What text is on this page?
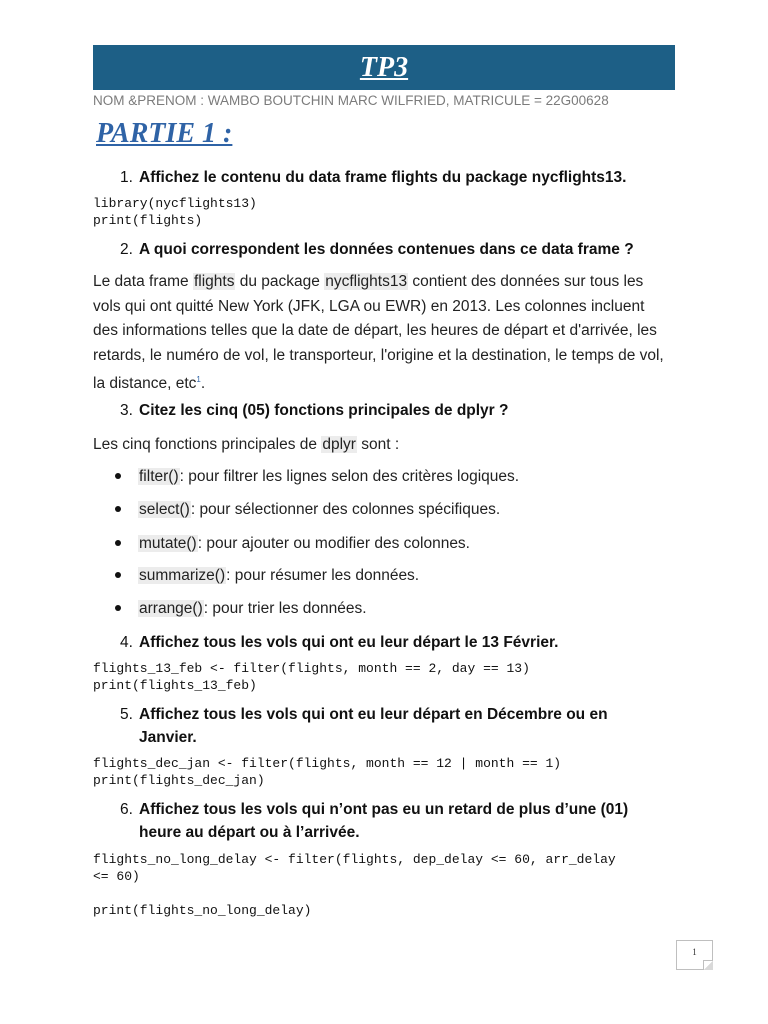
TP3
NOM &PRENOM : WAMBO BOUTCHIN MARC WILFRIED, MATRICULE = 22G00628
PARTIE 1 :
1. Affichez le contenu du data frame flights du package nycflights13.
library(nycflights13)
print(flights)
2. A quoi correspondent les données contenues dans ce data frame ?
Le data frame flights du package nycflights13 contient des données sur tous les vols qui ont quitté New York (JFK, LGA ou EWR) en 2013. Les colonnes incluent des informations telles que la date de départ, les heures de départ et d'arrivée, les retards, le numéro de vol, le transporteur, l'origine et la destination, le temps de vol, la distance, etc$^1$.
3. Citez les cinq (05) fonctions principales de dplyr ?
Les cinq fonctions principales de dplyr sont :
filter(): pour filtrer les lignes selon des critères logiques.
select(): pour sélectionner des colonnes spécifiques.
mutate(): pour ajouter ou modifier des colonnes.
summarize(): pour résumer les données.
arrange(): pour trier les données.
4. Affichez tous les vols qui ont eu leur départ le 13 Février.
flights_13_feb <- filter(flights, month == 2, day == 13)
print(flights_13_feb)
5. Affichez tous les vols qui ont eu leur départ en Décembre ou en
Janvier.
flights_dec_jan <- filter(flights, month == 12 | month == 1)
print(flights_dec_jan)
6. Affichez tous les vols qui n’ont pas eu un retard de plus d’une (01)
heure au départ ou à l’arrivée.
flights_no_long_delay <- filter(flights, dep_delay <= 60, arr_delay
<= 60)
print(flights_no_long_delay)
1
